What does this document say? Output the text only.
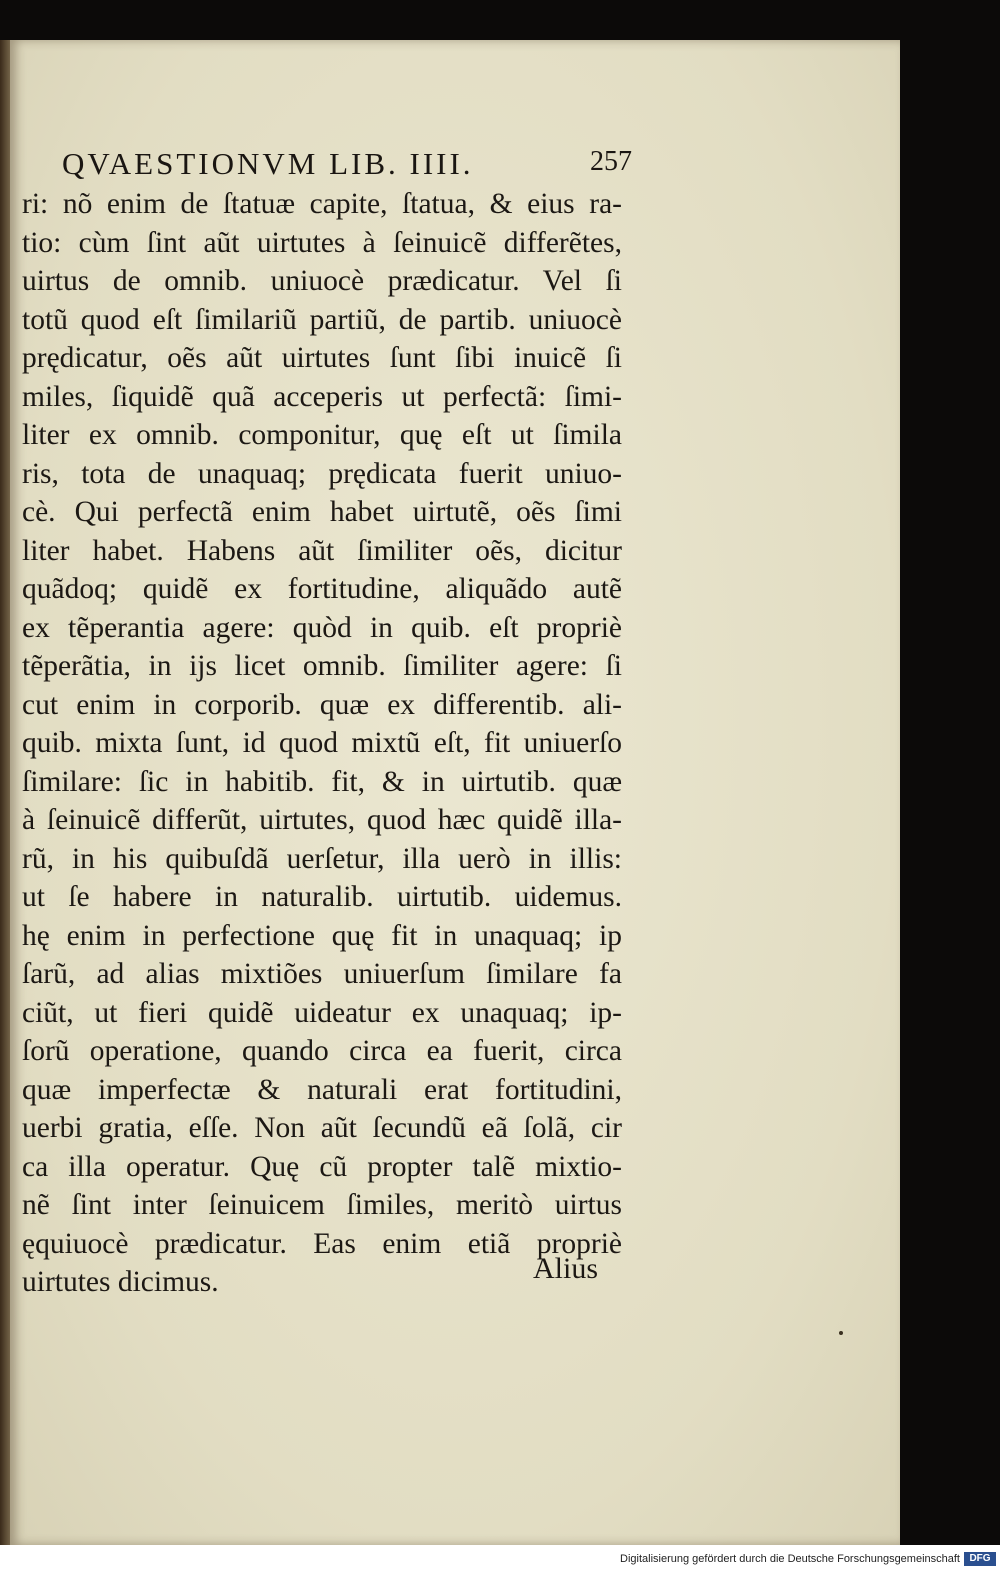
QVAESTIONVM LIB. IIII.	257
ri: nõ enim de ſtatuæ capite, ſtatua, & eius ra-
tio: cùm ſint aũt uirtutes à ſeinuicẽ differẽtes,
uirtus de omnib. uniuocè prædicatur. Vel ſi
totũ quod eſt ſimilariũ partiũ, de partib. uniuocè
prędicatur, oẽs aũt uirtutes ſunt ſibi inuicẽ ſi
miles, ſiquidẽ quã acceperis ut perfectã: ſimi-
liter ex omnib. componitur, quę eſt ut ſimila
ris, tota de unaquaq; prędicata fuerit uniuo-
cè. Qui perfectã enim habet uirtutẽ, oẽs ſimi
liter habet. Habens aũt ſimiliter oẽs, dicitur
quãdoq; quidẽ ex fortitudine, aliquãdo autẽ
ex tẽperantia agere: quòd in quib. eſt propriè
tẽperãtia, in ijs licet omnib. ſimiliter agere: ſi
cut enim in corporib. quæ ex differentib. ali-
quib. mixta ſunt, id quod mixtũ eſt, fit uniuerſo
ſimilare: ſic in habitib. fit, & in uirtutib. quæ
à ſeinuicẽ differũt, uirtutes, quod hæc quidẽ illa-
rũ, in his quibuſdã uerſetur, illa uerò in illis:
ut ſe habere in naturalib. uirtutib. uidemus.
hę enim in perfectione quę fit in unaquaq; ip
ſarũ, ad alias mixtiões uniuerſum ſimilare fa
ciũt, ut fieri quidẽ uideatur ex unaquaq; ip-
ſorũ operatione, quando circa ea fuerit, circa
quæ imperfectæ & naturali erat fortitudini,
uerbi gratia, eſſe. Non aũt ſecundũ eã ſolã, cir
ca illa operatur. Quę cũ propter talẽ mixtio-
nẽ ſint inter ſeinuicem ſimiles, meritò uirtus
ęquiuocè prædicatur. Eas enim etiã propriè
uirtutes dicimus.	Alius
Digitalisierung gefördert durch die Deutsche Forschungsgemeinschaft DFG
